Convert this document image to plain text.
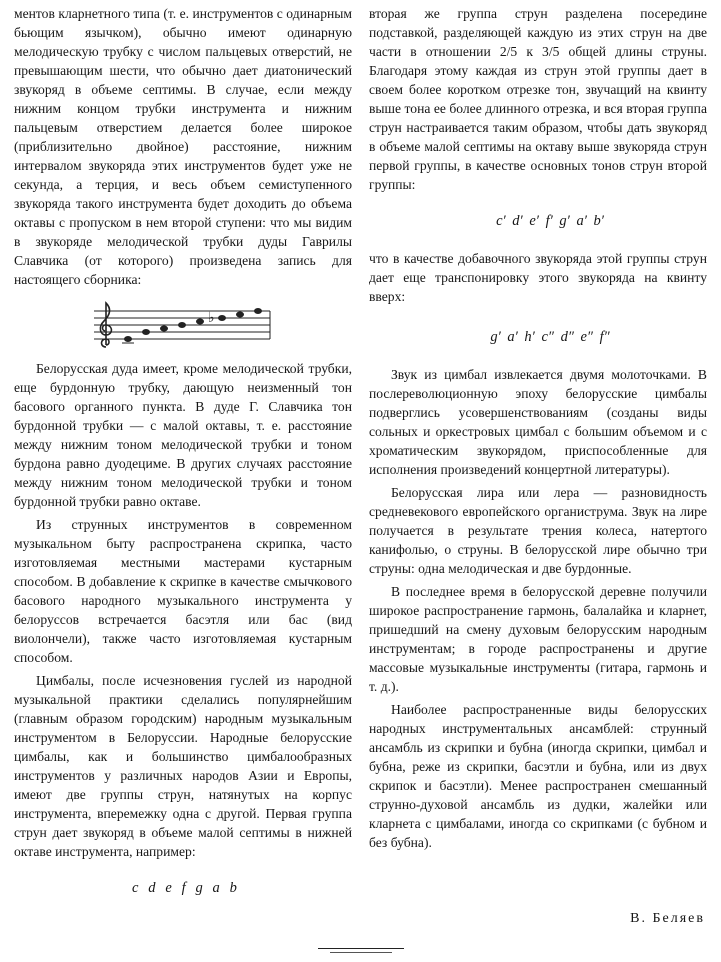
ментов кларнетного типа (т. е. инструментов с одинарным бьющим язычком), обычно имеют одинарную мелодическую трубку с числом пальцевых отверстий, не превышающим шести, что обычно дает диатонический звукоряд в объеме септимы. В случае, если между нижним концом трубки инструмента и нижним пальцевым отверстием делается более широкое (приблизительно двойное) расстояние, нижним интервалом звукоряда этих инструментов будет уже не секунда, а терция, и весь объем семиступенного звукоряда такого инструмента будет доходить до объема октавы с пропуском в нем второй ступени: что мы видим в звукоряде мелодической трубки дуды Гаврилы Славчика (от которого) произведена запись для настоящего сборника:

♭

Белорусская дуда имеет, кроме мелодической трубки, еще бурдонную трубку, дающую неизменный тон басового органного пункта. В дуде Г. Славчика тон бурдонной трубки — c малой октавы, т. е. расстояние между нижним тоном мелодической трубки и тоном бурдона равно дуодециме. В других случаях расстояние между нижним тоном мелодической трубки и тоном бурдонной трубки равно октаве.

Из струнных инструментов в современном музыкальном быту распространена скрипка, часто изготовляемая местными мастерами кустарным способом. В добавление к скрипке в качестве смычкового басового народного музыкального инструмента у белоруссов встречается басэтля или бас (вид виолончели), также часто изготовляемая кустарным способом.

Цимбалы, после исчезновения гуслей из народной музыкальной практики сделались популярнейшим (главным образом городским) народным музыкальным инструментом в Белоруссии. Народные белорусские цимбалы, как и большинство цимбалообразных инструментов у различных народов Азии и Европы, имеют две группы струн, натянутых на корпус инструмента, вперемежку одна с другой. Первая группа струн дает звукоряд в объеме малой септимы в нижней октаве инструмента, например:

c d e f g a b

вторая же группа струн разделена посередине подставкой, разделяющей каждую из этих струн на две части в отношении 2/5 к 3/5 общей длины струны. Благодаря этому каждая из струн этой группы дает в своем более коротком отрезке тон, звучащий на квинту выше тона ее более длинного отрезка, и вся вторая группа струн настраивается таким образом, чтобы дать звукоряд в объеме малой септимы на октаву выше звукоряда струн первой группы, в качестве основных тонов струн второй группы:

c′ d′ e′ f′ g′ a′ b′

что в качестве добавочного звукоряда этой группы струн дает еще транспонировку этого звукоряда на квинту вверх:

g′ a′ h′ c″ d″ e″ f″

Звук из цимбал извлекается двумя молоточками. В послереволюционную эпоху белорусские цимбалы подверглись усовершенствованиям (созданы виды сольных и оркестровых цимбал с большим объемом и с хроматическим звукорядом, приспособленные для исполнения произведений концертной литературы).

Белорусская лира или лера — разновидность средневекового европейского органиструма. Звук на лире получается в результате трения колеса, натертого канифолью, о струны. В белорусской лире обычно три струны: одна мелодическая и две бурдонные.

В последнее время в белорусской деревне получили широкое распространение гармонь, балалайка и кларнет, пришедший на смену духовым белорусским народным инструментам; в городе распространены и другие массовые музыкальные инструменты (гитара, гармонь и т. д.).

Наиболее распространенные виды белорусских народных инструментальных ансамблей: струнный ансамбль из скрипки и бубна (иногда скрипки, цимбал и бубна, реже из скрипки, басэтли и бубна, или из двух скрипок и басэтли). Менее распространен смешанный струнно-духовой ансамбль из дудки, жалейки или кларнета с цимбалами, иногда со скрипками (с бубном и без бубна).

В. Беляев
